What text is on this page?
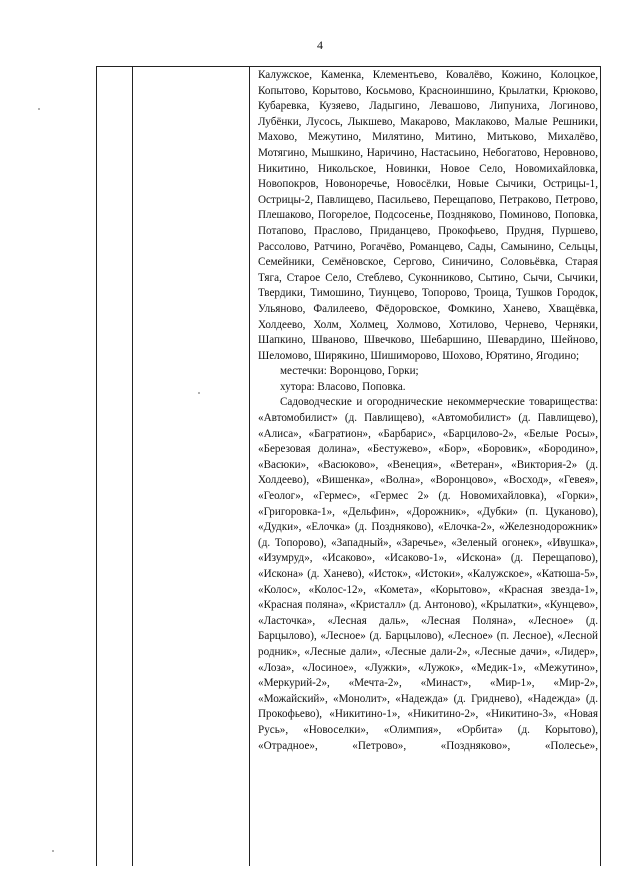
4

Калужское, Каменка, Клементьево, Ковалёво, Кожино, Колоцкое, Копытово, Корытово, Косьмово, Красноиншино, Крылатки, Крюково, Кубаревка, Кузяево, Ладыгино, Левашово, Липуниха, Логиново, Лубёнки, Лусось, Лыкшево, Макарово, Маклаково, Малые Решники, Махово, Межутино, Милятино, Митино, Митьково, Михалёво, Мотягино, Мышкино, Наричино, Настасьино, Небогатово, Неровново, Никитино, Никольское, Новинки, Новое Село, Новомихайловка, Новопокров, Новоноречье, Новосёлки, Новые Сычики, Острицы-1, Острицы-2, Павлищево, Пасильево, Перещапово, Петраково, Петрово, Плешаково, Погорелое, Подсосенье, Поздняково, Поминово, Поповка, Потапово, Праслово, Приданцево, Прокофьево, Прудня, Пуршево, Рассолово, Ратчино, Рогачёво, Романцево, Сады, Самынино, Сельцы, Семейники, Семёновское, Сергово, Синичино, Соловьёвка, Старая Тяга, Старое Село, Стеблево, Суконниково, Сытино, Сычи, Сычики, Твердики, Тимошино, Тиунцево, Топорово, Троица, Тушков Городок, Ульяново, Фалилеево, Фёдоровское, Фомкино, Ханево, Хващёвка, Холдеево, Холм, Холмец, Холмово, Хотилово, Чернево, Черняки, Шапкино, Шваново, Швечково, Шебаршино, Шевардино, Шейново, Шеломово, Ширякино, Шишиморово, Шохово, Юрятино, Ягодино;

местечки: Воронцово, Горки;

хутора: Власово, Поповка.

Садоводческие и огороднические некоммерческие товарищества: «Автомобилист» (д. Павлищево), «Автомобилист» (д. Павлищево), «Алиса», «Багратион», «Барбарис», «Барцилово-2», «Белые Росы», «Березовая долина», «Бестужево», «Бор», «Боровик», «Бородино», «Васюки», «Васюково», «Венеция», «Ветеран», «Виктория-2» (д. Холдеево), «Вишенка», «Волна», «Воронцово», «Восход», «Гевея», «Геолог», «Гермес», «Гермес 2» (д. Новомихайловка), «Горки», «Григоровка-1», «Дельфин», «Дорожник», «Дубки» (п. Цуканово), «Дудки», «Елочка» (д. Поздняково), «Елочка-2», «Железнодорожник» (д. Топорово), «Западный», «Заречье», «Зеленый огонек», «Ивушка», «Изумруд», «Исаково», «Исаково-1», «Искона» (д. Перещапово), «Искона» (д. Ханево), «Исток», «Истоки», «Калужское», «Катюша-5», «Колос», «Колос-12», «Комета», «Корытово», «Красная звезда-1», «Красная поляна», «Кристалл» (д. Антоново), «Крылатки», «Кунцево», «Ласточка», «Лесная даль», «Лесная Поляна», «Лесное» (д. Барцылово), «Лесное» (д. Барцылово), «Лесное» (п. Лесное), «Лесной родник», «Лесные дали», «Лесные дали-2», «Лесные дачи», «Лидер», «Лоза», «Лосиное», «Лужки», «Лужок», «Медик-1», «Межутино», «Меркурий-2», «Мечта-2», «Минаст», «Мир-1», «Мир-2», «Можайский», «Монолит», «Надежда» (д. Гриднево), «Надежда» (д. Прокофьево), «Никитино-1», «Никитино-2», «Никитино-3», «Новая Русь», «Новоселки», «Олимпия», «Орбита» (д. Корытово), «Отрадное», «Петрово», «Поздняково», «Полесье»,
